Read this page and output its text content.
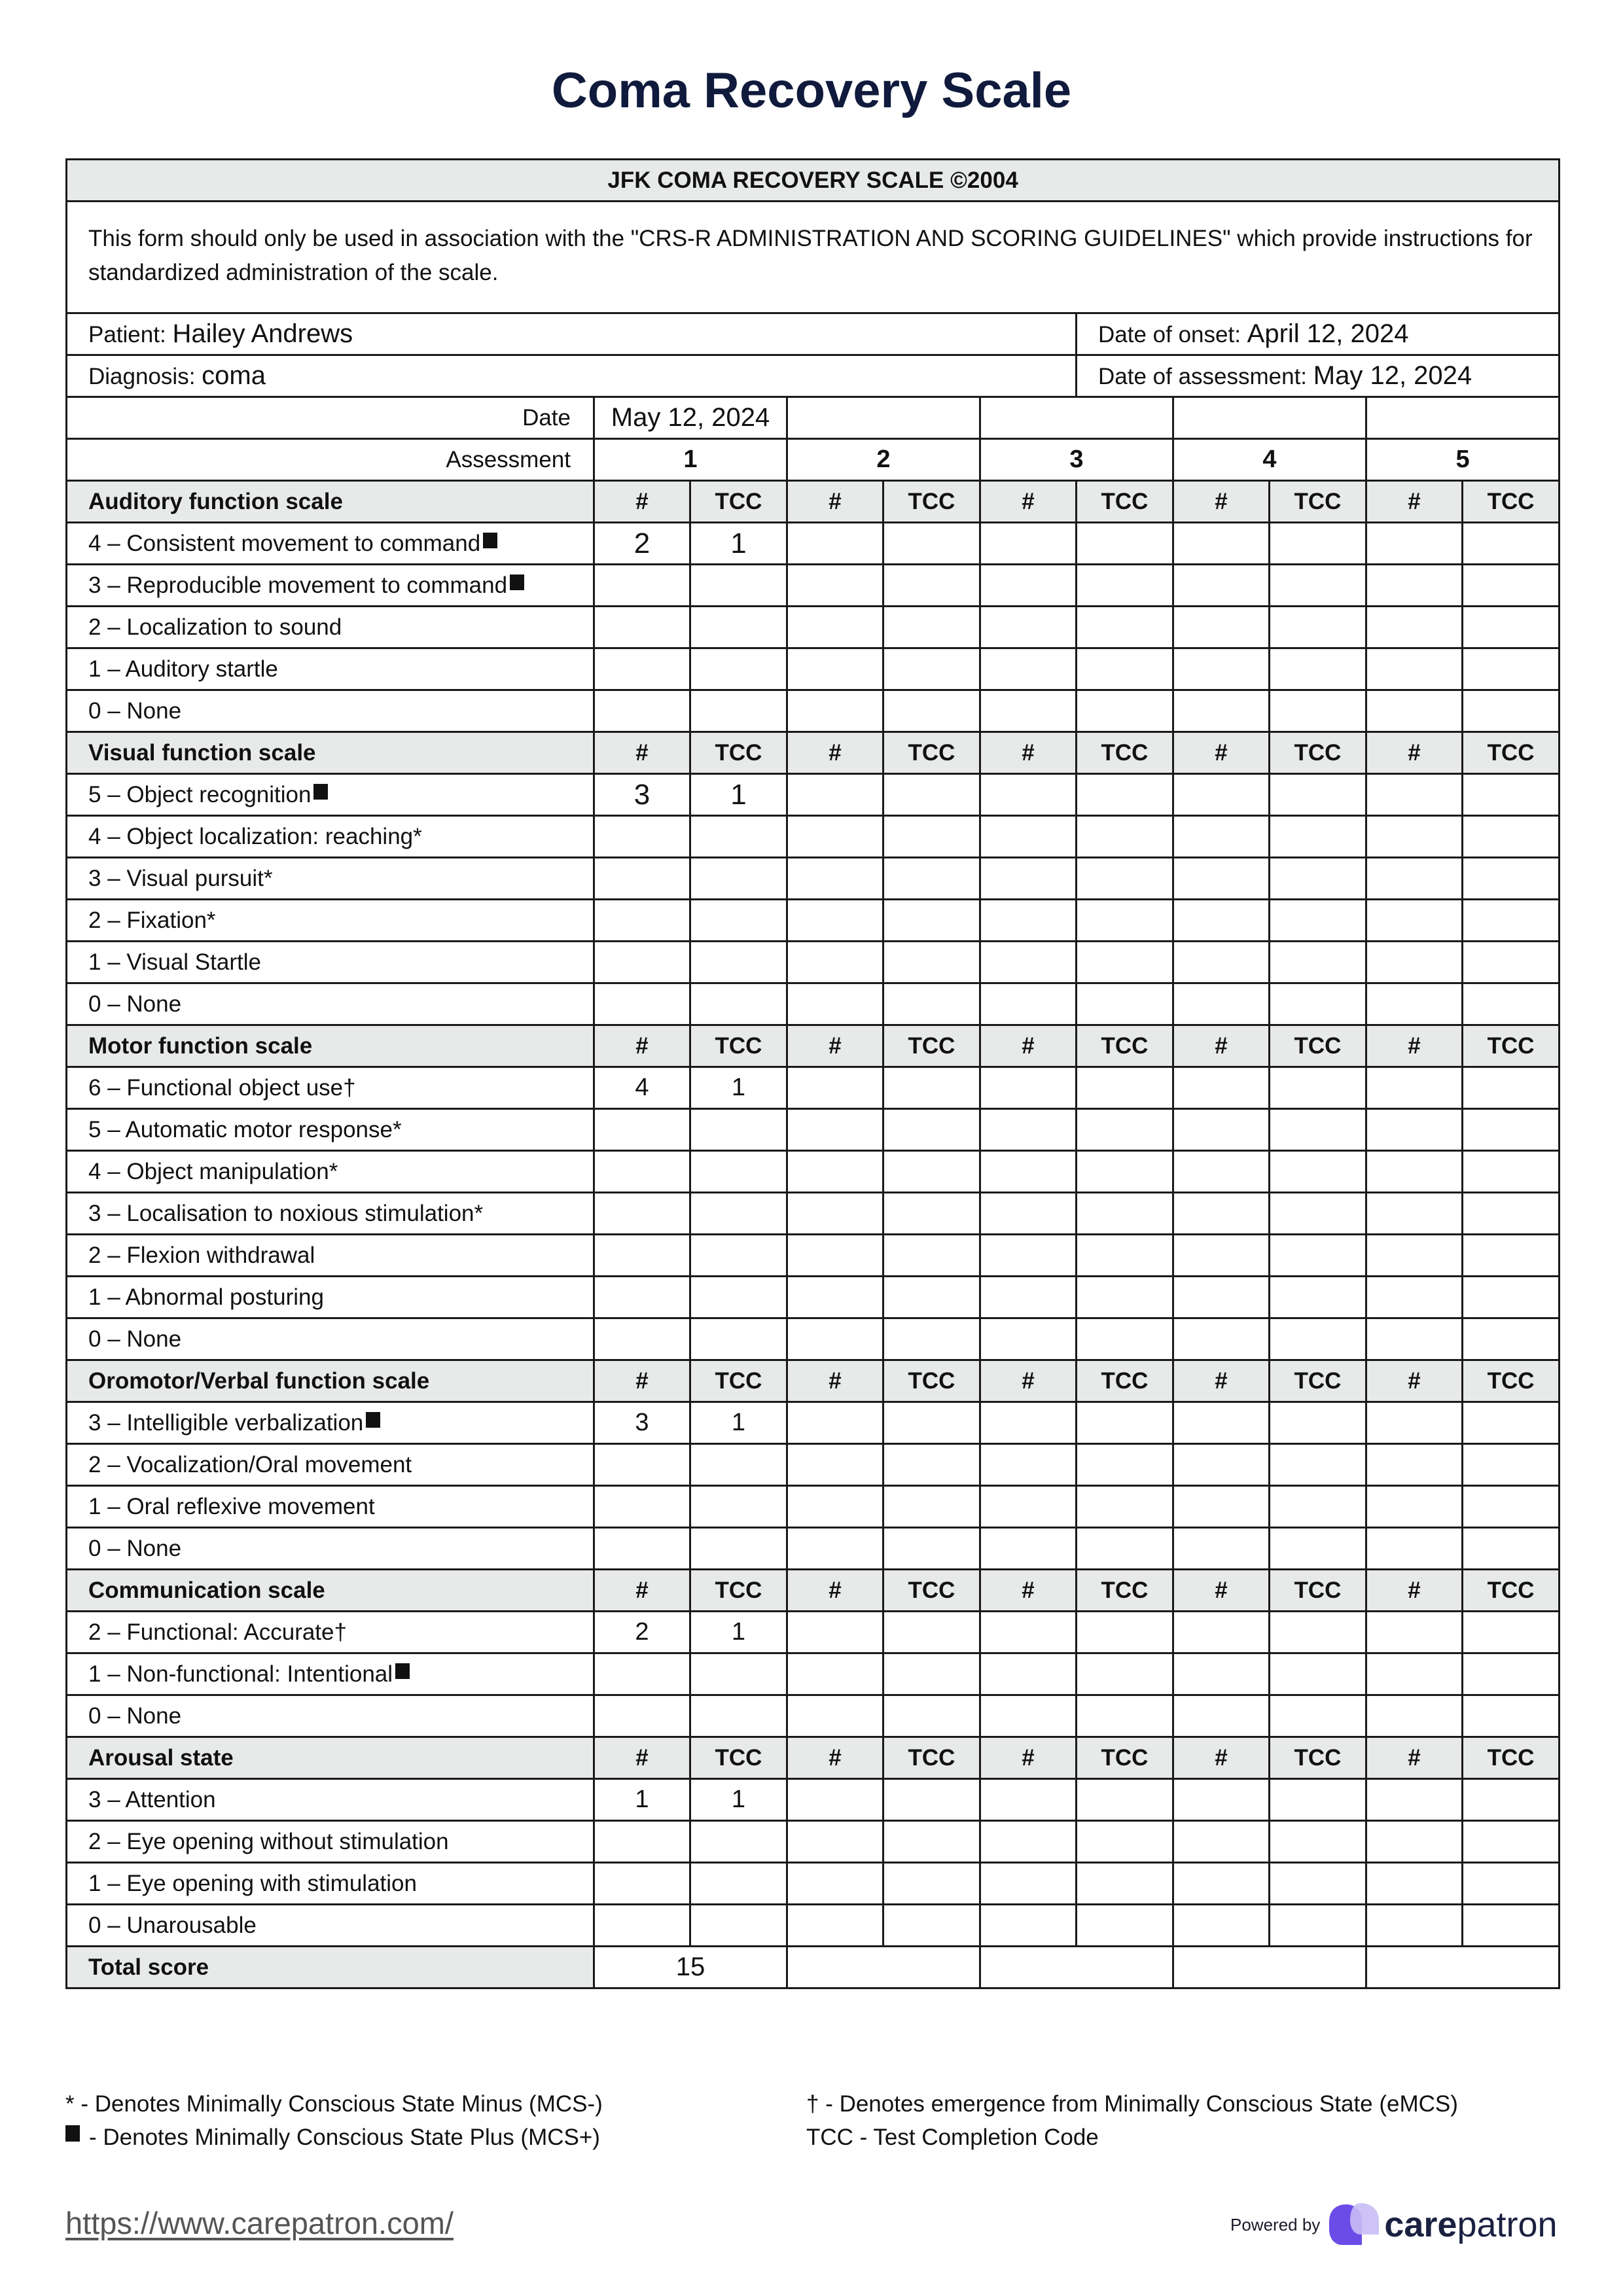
Coma Recovery Scale
JFK COMA RECOVERY SCALE ©2004										
This form should only be used in association with the "CRS-R ADMINISTRATION AND SCORING GUIDELINES" which provide instructions for standardized administration of the scale.										
Patient: Hailey Andrews						Date of onset: April 12, 2024				
Diagnosis: coma						Date of assessment: May 12, 2024				
Date	May 12, 2024									
Assessment	1		2		3		4		5	
Auditory function scale	#	TCC	#	TCC	#	TCC	#	TCC	#	TCC
4 – Consistent movement to command	2	1								
3 – Reproducible movement to command										
2 – Localization to sound										
1 – Auditory startle										
0 – None										
Visual function scale	#	TCC	#	TCC	#	TCC	#	TCC	#	TCC
5 – Object recognition	3	1								
4 – Object localization: reaching*										
3 – Visual pursuit*										
2 – Fixation*										
1 – Visual Startle										
0 – None										
Motor function scale	#	TCC	#	TCC	#	TCC	#	TCC	#	TCC
6 – Functional object use†	4	1								
5 – Automatic motor response*										
4 – Object manipulation*										
3 – Localisation to noxious stimulation*										
2 – Flexion withdrawal										
1 – Abnormal posturing										
0 – None										
Oromotor/Verbal function scale	#	TCC	#	TCC	#	TCC	#	TCC	#	TCC
3 – Intelligible verbalization	3	1								
2 – Vocalization/Oral movement										
1 – Oral reflexive movement										
0 – None										
Communication scale	#	TCC	#	TCC	#	TCC	#	TCC	#	TCC
2 – Functional: Accurate†	2	1								
1 – Non-functional: Intentional										
0 – None										
Arousal state	#	TCC	#	TCC	#	TCC	#	TCC	#	TCC
3 – Attention	1	1								
2 – Eye opening without stimulation										
1 – Eye opening with stimulation										
0 – Unarousable										
Total score	15									
* - Denotes Minimally Conscious State Minus (MCS-)
- Denotes Minimally Conscious State Plus (MCS+)
† - Denotes emergence from Minimally Conscious State (eMCS)
TCC - Test Completion Code
https://www.carepatron.com/	Powered by carepatron
